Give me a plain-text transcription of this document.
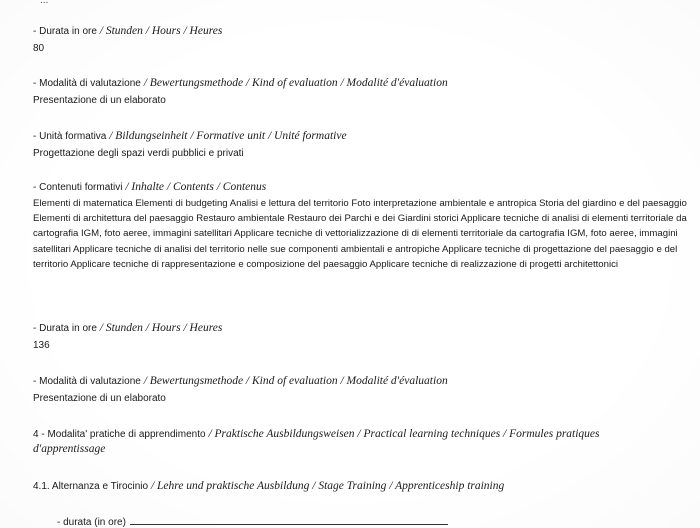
...
- Durata in ore / Stunden / Hours / Heures
80
- Modalità di valutazione / Bewertungsmethode / Kind of evaluation / Modalité d'évaluation
Presentazione di un elaborato
- Unità formativa / Bildungseinheit / Formative unit / Unité formative
Progettazione degli spazi verdi pubblici e privati
- Contenuti formativi / Inhalte / Contents / Contenus
Elementi di matematica Elementi di budgeting Analisi e lettura del territorio Foto interpretazione ambientale e antropica Storia del giardino e del paesaggio Elementi di architettura del paesaggio Restauro ambientale Restauro dei Parchi e dei Giardini storici Applicare tecniche di analisi di elementi territoriale da cartografia IGM, foto aeree, immagini satellitari Applicare tecniche di vettorializzazione di di elementi territoriale da cartografia IGM, foto aeree, immagini satellitari Applicare tecniche di analisi del territorio nelle sue componenti ambientali e antropiche Applicare tecniche di progettazione del paesaggio e del territorio Applicare tecniche di rappresentazione e composizione del paesaggio Applicare tecniche di realizzazione di progetti architettonici
- Durata in ore / Stunden / Hours / Heures
136
- Modalità di valutazione / Bewertungsmethode / Kind of evaluation / Modalité d'évaluation
Presentazione di un elaborato
4 - Modalita' pratiche di apprendimento / Praktische Ausbildungsweisen / Practical learning techniques / Formules pratiques d'apprentissage
4.1. Alternanza e Tirocinio / Lehre und praktische Ausbildung / Stage Training / Apprenticeship training
- durata (in ore)
